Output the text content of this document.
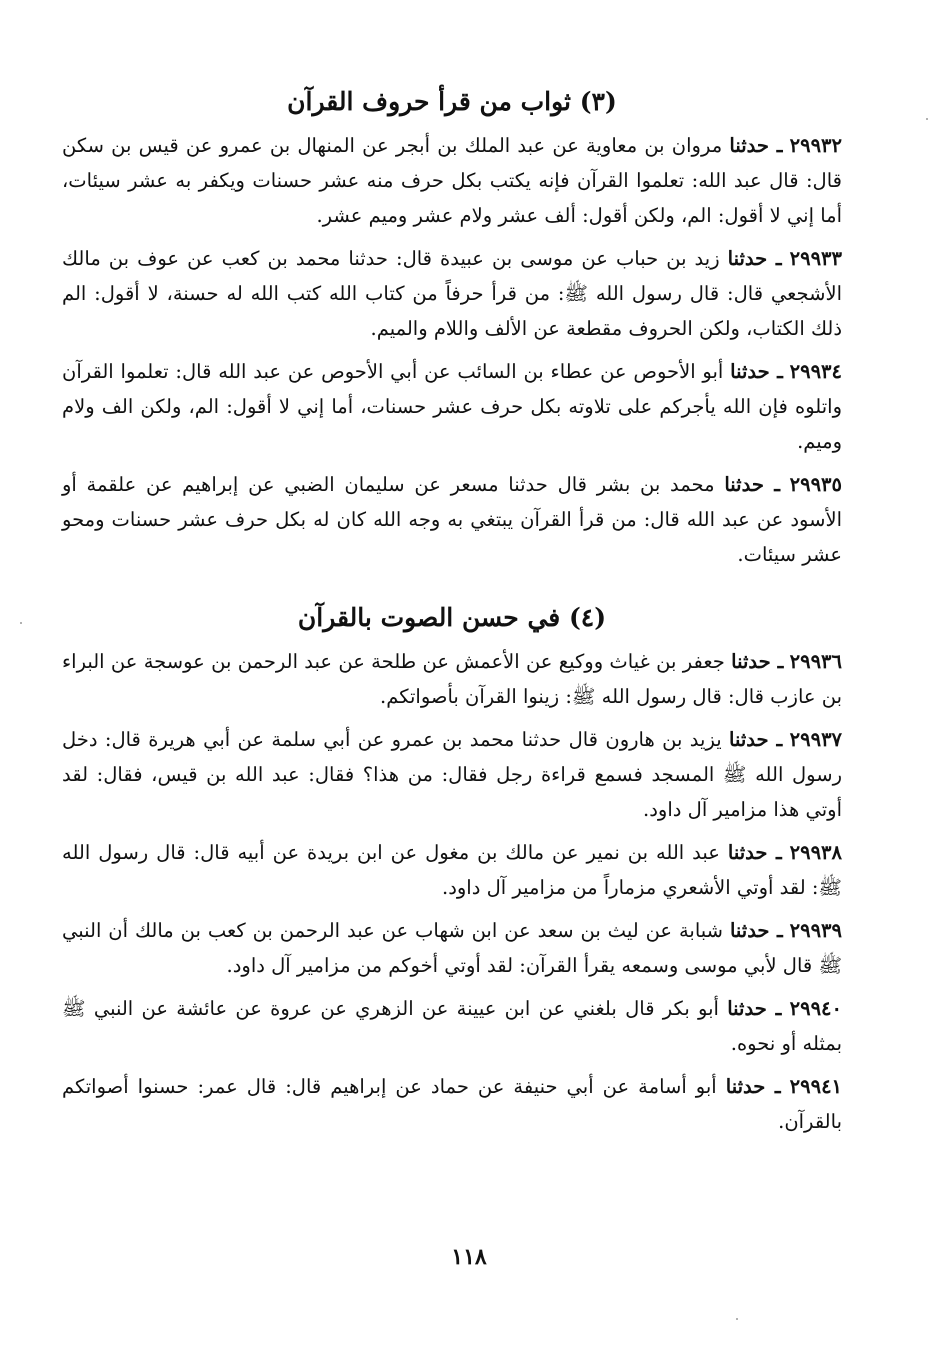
(٣) ثواب من قرأ حروف القرآن

٢٩٩٣٢ ـ حدثنا مروان بن معاوية عن عبد الملك بن أبجر عن المنهال بن عمرو عن قيس بن سكن قال: قال عبد الله: تعلموا القرآن فإنه يكتب بكل حرف منه عشر حسنات ويكفر به عشر سيئات، أما إني لا أقول: الم، ولكن أقول: ألف عشر ولام عشر وميم عشر.

٢٩٩٣٣ ـ حدثنا زيد بن حباب عن موسى بن عبيدة قال: حدثنا محمد بن كعب عن عوف بن مالك الأشجعي قال: قال رسول الله ﷺ: من قرأ حرفاً من كتاب الله كتب الله له حسنة، لا أقول: الم ذلك الكتاب، ولكن الحروف مقطعة عن الألف واللام والميم.

٢٩٩٣٤ ـ حدثنا أبو الأحوص عن عطاء بن السائب عن أبي الأحوص عن عبد الله قال: تعلموا القرآن واتلوه فإن الله يأجركم على تلاوته بكل حرف عشر حسنات، أما إني لا أقول: الم، ولكن الف ولام وميم.

٢٩٩٣٥ ـ حدثنا محمد بن بشر قال حدثنا مسعر عن سليمان الضبي عن إبراهيم عن علقمة أو الأسود عن عبد الله قال: من قرأ القرآن يبتغي به وجه الله كان له بكل حرف عشر حسنات ومحو عشر سيئات.

(٤) في حسن الصوت بالقرآن

٢٩٩٣٦ ـ حدثنا جعفر بن غياث ووكيع عن الأعمش عن طلحة عن عبد الرحمن بن عوسجة عن البراء بن عازب قال: قال رسول الله ﷺ: زينوا القرآن بأصواتكم.

٢٩٩٣٧ ـ حدثنا يزيد بن هارون قال حدثنا محمد بن عمرو عن أبي سلمة عن أبي هريرة قال: دخل رسول الله ﷺ المسجد فسمع قراءة رجل فقال: من هذا؟ فقال: عبد الله بن قيس، فقال: لقد أوتي هذا مزامير آل داود.

٢٩٩٣٨ ـ حدثنا عبد الله بن نمير عن مالك بن مغول عن ابن بريدة عن أبيه قال: قال رسول الله ﷺ: لقد أوتي الأشعري مزماراً من مزامير آل داود.

٢٩٩٣٩ ـ حدثنا شبابة عن ليث بن سعد عن ابن شهاب عن عبد الرحمن بن كعب بن مالك أن النبي ﷺ قال لأبي موسى وسمعه يقرأ القرآن: لقد أوتي أخوكم من مزامير آل داود.

٢٩٩٤٠ ـ حدثنا أبو بكر قال بلغني عن ابن عيينة عن الزهري عن عروة عن عائشة عن النبي ﷺ بمثله أو نحوه.

٢٩٩٤١ ـ حدثنا أبو أسامة عن أبي حنيفة عن حماد عن إبراهيم قال: قال عمر: حسنوا أصواتكم بالقرآن.

١١٨
